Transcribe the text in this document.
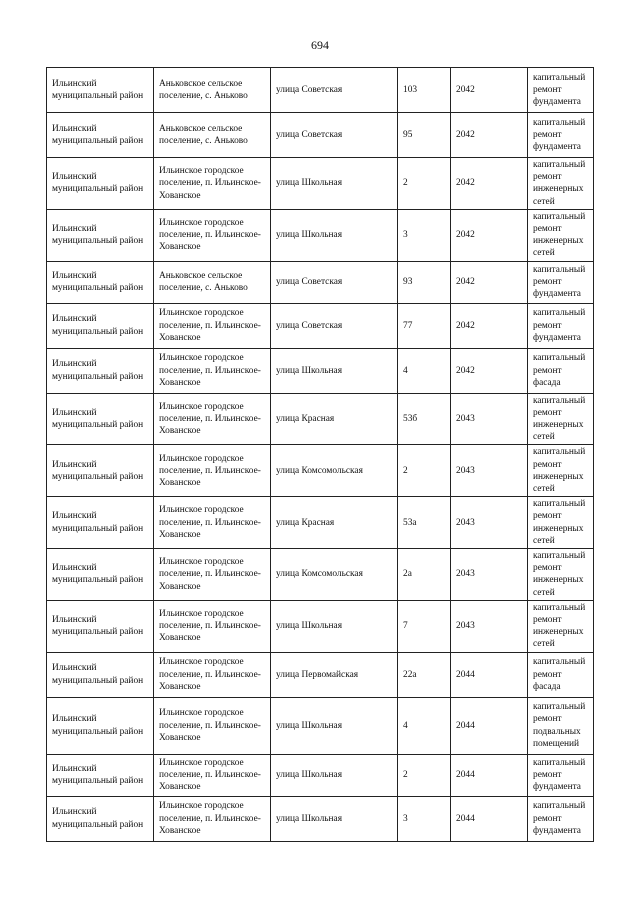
694
Ильинский муниципальный район	Аньковское сельское поселение, с. Аньково	улица Советская	103	2042	капитальный ремонт фундамента
Ильинский муниципальный район	Аньковское сельское поселение, с. Аньково	улица Советская	95	2042	капитальный ремонт фундамента
Ильинский муниципальный район	Ильинское городское поселение, п. Ильинское-Хованское	улица Школьная	2	2042	капитальный ремонт инженерных сетей
Ильинский муниципальный район	Ильинское городское поселение, п. Ильинское-Хованское	улица Школьная	3	2042	капитальный ремонт инженерных сетей
Ильинский муниципальный район	Аньковское сельское поселение, с. Аньково	улица Советская	93	2042	капитальный ремонт фундамента
Ильинский муниципальный район	Ильинское городское поселение, п. Ильинское-Хованское	улица Советская	77	2042	капитальный ремонт фундамента
Ильинский муниципальный район	Ильинское городское поселение, п. Ильинское-Хованское	улица Школьная	4	2042	капитальный ремонт фасада
Ильинский муниципальный район	Ильинское городское поселение, п. Ильинское-Хованское	улица Красная	53б	2043	капитальный ремонт инженерных сетей
Ильинский муниципальный район	Ильинское городское поселение, п. Ильинское-Хованское	улица Комсомольская	2	2043	капитальный ремонт инженерных сетей
Ильинский муниципальный район	Ильинское городское поселение, п. Ильинское-Хованское	улица Красная	53а	2043	капитальный ремонт инженерных сетей
Ильинский муниципальный район	Ильинское городское поселение, п. Ильинское-Хованское	улица Комсомольская	2а	2043	капитальный ремонт инженерных сетей
Ильинский муниципальный район	Ильинское городское поселение, п. Ильинское-Хованское	улица Школьная	7	2043	капитальный ремонт инженерных сетей
Ильинский муниципальный район	Ильинское городское поселение, п. Ильинское-Хованское	улица Первомайская	22а	2044	капитальный ремонт фасада
Ильинский муниципальный район	Ильинское городское поселение, п. Ильинское-Хованское	улица Школьная	4	2044	капитальный ремонт подвальных помещений
Ильинский муниципальный район	Ильинское городское поселение, п. Ильинское-Хованское	улица Школьная	2	2044	капитальный ремонт фундамента
Ильинский муниципальный район	Ильинское городское поселение, п. Ильинское-Хованское	улица Школьная	3	2044	капитальный ремонт фундамента
